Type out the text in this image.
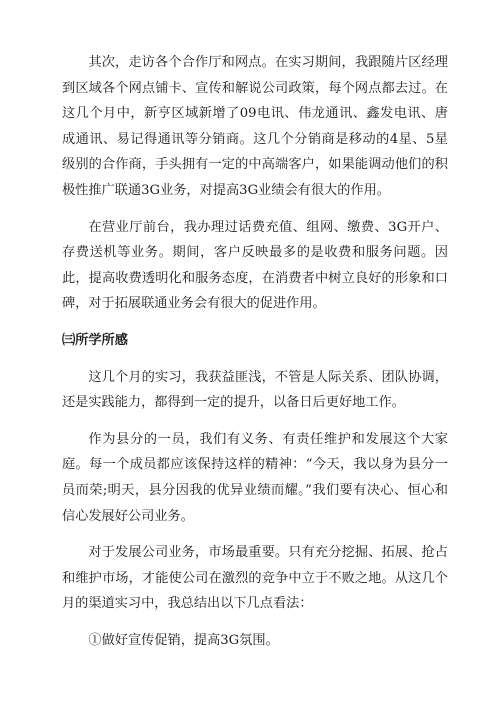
其次，走访各个合作厅和网点。在实习期间，我跟随片区经理到区域各个网点铺卡、宣传和解说公司政策，每个网点都去过。在这几个月中，新亨区域新增了09电讯、伟龙通讯、鑫发电讯、唐成通讯、易记得通讯等分销商。这几个分销商是移动的4星、5星级别的合作商，手头拥有一定的中高端客户，如果能调动他们的积极性推广联通3G业务，对提高3G业绩会有很大的作用。

在营业厅前台，我办理过话费充值、组网、缴费、3G开户、存费送机等业务。期间，客户反映最多的是收费和服务问题。因此，提高收费透明化和服务态度，在消费者中树立良好的形象和口碑，对于拓展联通业务会有很大的促进作用。

㈢所学所感

这几个月的实习，我获益匪浅，不管是人际关系、团队协调，还是实践能力，都得到一定的提升，以备日后更好地工作。

作为县分的一员，我们有义务、有责任维护和发展这个大家庭。每一个成员都应该保持这样的精神：“今天，我以身为县分一员而荣;明天，县分因我的优异业绩而耀。”我们要有决心、恒心和信心发展好公司业务。

对于发展公司业务，市场最重要。只有充分挖掘、拓展、抢占和维护市场，才能使公司在激烈的竞争中立于不败之地。从这几个月的渠道实习中，我总结出以下几点看法：

①做好宣传促销，提高3G氛围。
